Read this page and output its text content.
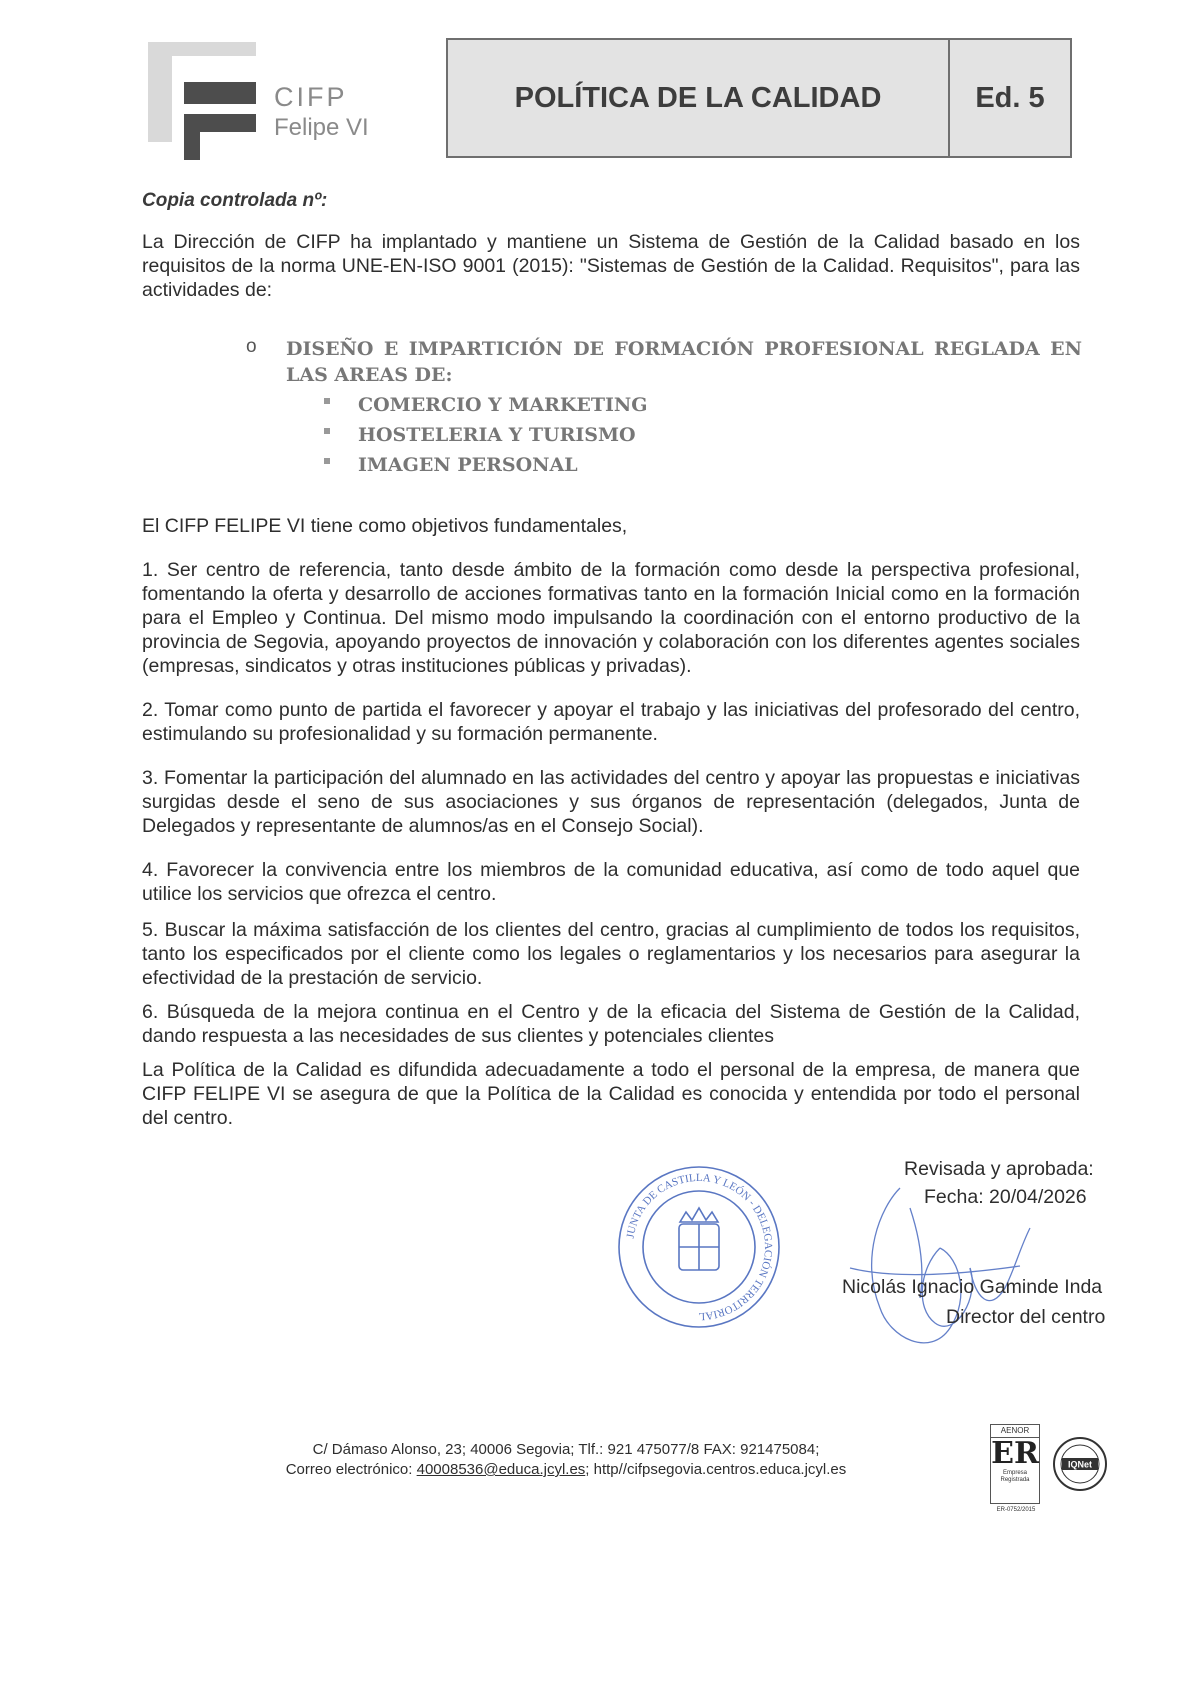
CIFP
Felipe VI
POLÍTICA DE LA CALIDAD	Ed. 5
Copia controlada nº:
La Dirección de CIFP ha implantado y mantiene un Sistema de Gestión de la Calidad basado en los requisitos de la norma UNE-EN-ISO 9001 (2015): "Sistemas de Gestión de la Calidad. Requisitos", para las actividades de:
o DISEÑO E IMPARTICIÓN DE FORMACIÓN PROFESIONAL REGLADA EN LAS AREAS DE:
COMERCIO Y MARKETING
HOSTELERIA Y TURISMO
IMAGEN PERSONAL
El CIFP FELIPE VI tiene como objetivos fundamentales,
1. Ser centro de referencia, tanto desde ámbito de la formación como desde la perspectiva profesional, fomentando la oferta y desarrollo de acciones formativas tanto en la formación Inicial como en la formación para el Empleo y Continua. Del mismo modo impulsando la coordinación con el entorno productivo de la provincia de Segovia, apoyando proyectos de innovación y colaboración con los diferentes agentes sociales (empresas, sindicatos y otras instituciones públicas y privadas).
2. Tomar como punto de partida el favorecer y apoyar el trabajo y las iniciativas del profesorado del centro, estimulando su profesionalidad y su formación permanente.
3. Fomentar la participación del alumnado en las actividades del centro y apoyar las propuestas e iniciativas surgidas desde el seno de sus asociaciones y sus órganos de representación (delegados, Junta de Delegados y representante de alumnos/as en el Consejo Social).
4. Favorecer la convivencia entre los miembros de la comunidad educativa, así como de todo aquel que utilice los servicios que ofrezca el centro.
5. Buscar la máxima satisfacción de los clientes del centro, gracias al cumplimiento de todos los requisitos, tanto los especificados por el cliente como los legales o reglamentarios y los necesarios para asegurar la efectividad de la prestación de servicio.
6. Búsqueda de la mejora continua en el Centro y de la eficacia del Sistema de Gestión de la Calidad, dando respuesta a las necesidades de sus clientes y potenciales clientes
La Política de la Calidad es difundida adecuadamente a todo el personal de la empresa, de manera que CIFP FELIPE VI se asegura de que la Política de la Calidad es conocida y entendida por todo el personal del centro.
JUNTA DE CASTILLA Y LEÓN - DELEGACIÓN TERRITORIAL
Revisada y aprobada:
Fecha: 20/04/2026
Nicolás Ignacio Gaminde Inda
Director del centro
C/ Dámaso Alonso, 23; 40006 Segovia; Tlf.: 921 475077/8 FAX: 921475084;
Correo electrónico: 40008536@educa.jcyl.es; http//cifpsegovia.centros.educa.jcyl.es
AENOR
ER
Empresa Registrada
ER-0752/2015
IQNet
